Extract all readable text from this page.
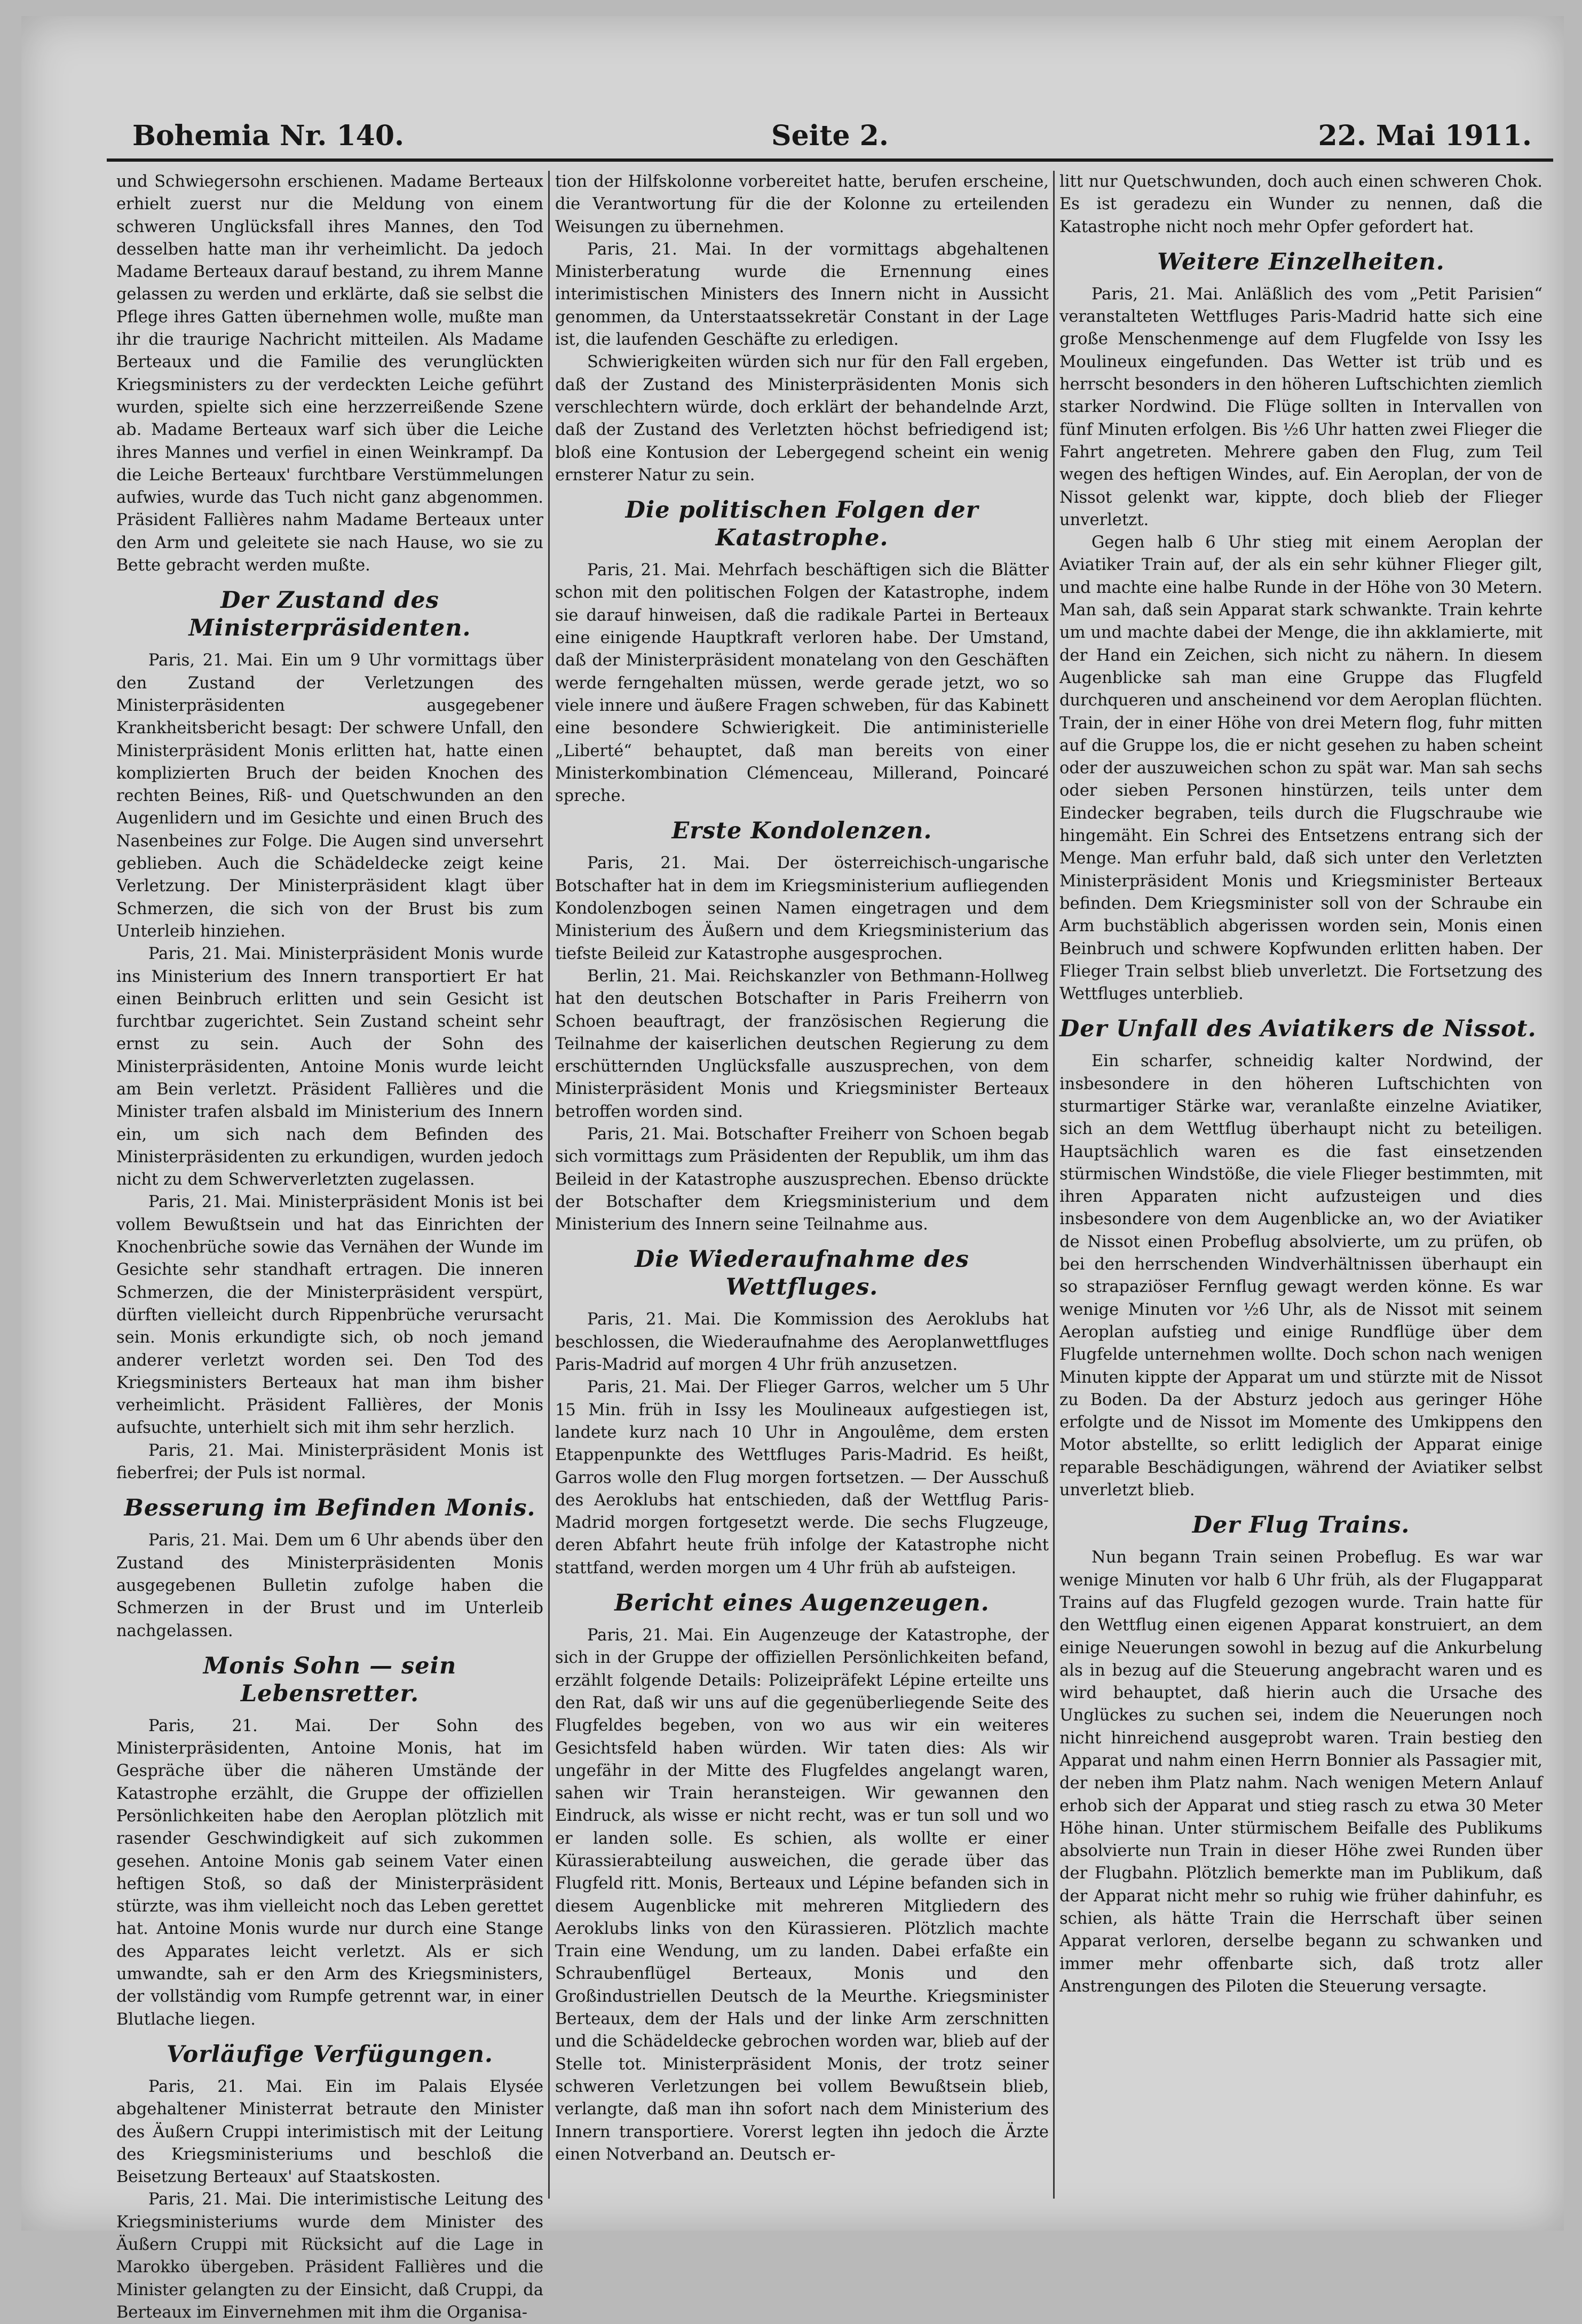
Bohemia Nr. 140.	Seite 2.	22. Mai 1911.

und Schwiegersohn erschienen. Madame Berteaux erhielt zuerst nur die Meldung von einem schweren Unglücksfall ihres Mannes, den Tod desselben hatte man ihr verheimlicht. Da jedoch Madame Berteaux darauf bestand, zu ihrem Manne gelassen zu werden und erklärte, daß sie selbst die Pflege ihres Gatten übernehmen wolle, mußte man ihr die traurige Nachricht mitteilen. Als Madame Berteaux und die Familie des verunglückten Kriegsministers zu der verdeckten Leiche geführt wurden, spielte sich eine herzzerreißende Szene ab. Madame Berteaux warf sich über die Leiche ihres Mannes und verfiel in einen Weinkrampf. Da die Leiche Berteaux' furchtbare Verstümmelungen aufwies, wurde das Tuch nicht ganz abgenommen. Präsident Fallières nahm Madame Berteaux unter den Arm und geleitete sie nach Hause, wo sie zu Bette gebracht werden mußte.

Der Zustand des Ministerpräsidenten.

Paris, 21. Mai. Ein um 9 Uhr vormittags über den Zustand der Verletzungen des Ministerpräsidenten ausgegebener Krankheitsbericht besagt: Der schwere Unfall, den Ministerpräsident Monis erlitten hat, hatte einen komplizierten Bruch der beiden Knochen des rechten Beines, Riß- und Quetschwunden an den Augenlidern und im Gesichte und einen Bruch des Nasenbeines zur Folge. Die Augen sind unversehrt geblieben. Auch die Schädeldecke zeigt keine Verletzung. Der Ministerpräsident klagt über Schmerzen, die sich von der Brust bis zum Unterleib hinziehen.

Paris, 21. Mai. Ministerpräsident Monis wurde ins Ministerium des Innern transportiert Er hat einen Beinbruch erlitten und sein Gesicht ist furchtbar zugerichtet. Sein Zustand scheint sehr ernst zu sein. Auch der Sohn des Ministerpräsidenten, Antoine Monis wurde leicht am Bein verletzt. Präsident Fallières und die Minister trafen alsbald im Ministerium des Innern ein, um sich nach dem Befinden des Ministerpräsidenten zu erkundigen, wurden jedoch nicht zu dem Schwerverletzten zugelassen.

Paris, 21. Mai. Ministerpräsident Monis ist bei vollem Bewußtsein und hat das Einrichten der Knochenbrüche sowie das Vernähen der Wunde im Gesichte sehr standhaft ertragen. Die inneren Schmerzen, die der Ministerpräsident verspürt, dürften vielleicht durch Rippenbrüche verursacht sein. Monis erkundigte sich, ob noch jemand anderer verletzt worden sei. Den Tod des Kriegsministers Berteaux hat man ihm bisher verheimlicht. Präsident Fallières, der Monis aufsuchte, unterhielt sich mit ihm sehr herzlich.

Paris, 21. Mai. Ministerpräsident Monis ist fieberfrei; der Puls ist normal.

Besserung im Befinden Monis.

Paris, 21. Mai. Dem um 6 Uhr abends über den Zustand des Ministerpräsidenten Monis ausgegebenen Bulletin zufolge haben die Schmerzen in der Brust und im Unterleib nachgelassen.

Monis Sohn — sein Lebensretter.

Paris, 21. Mai. Der Sohn des Ministerpräsidenten, Antoine Monis, hat im Gespräche über die näheren Umstände der Katastrophe erzählt, die Gruppe der offiziellen Persönlichkeiten habe den Aeroplan plötzlich mit rasender Geschwindigkeit auf sich zukommen gesehen. Antoine Monis gab seinem Vater einen heftigen Stoß, so daß der Ministerpräsident stürzte, was ihm vielleicht noch das Leben gerettet hat. Antoine Monis wurde nur durch eine Stange des Apparates leicht verletzt. Als er sich umwandte, sah er den Arm des Kriegsministers, der vollständig vom Rumpfe getrennt war, in einer Blutlache liegen.

Vorläufige Verfügungen.

Paris, 21. Mai. Ein im Palais Elysée abgehaltener Ministerrat betraute den Minister des Äußern Cruppi interimistisch mit der Leitung des Kriegsministeriums und beschloß die Beisetzung Berteaux' auf Staatskosten.

Paris, 21. Mai. Die interimistische Leitung des Kriegsministeriums wurde dem Minister des Äußern Cruppi mit Rücksicht auf die Lage in Marokko übergeben. Präsident Fallières und die Minister gelangten zu der Einsicht, daß Cruppi, da Berteaux im Einvernehmen mit ihm die Organisa-

tion der Hilfskolonne vorbereitet hatte, berufen erscheine, die Verantwortung für die der Kolonne zu erteilenden Weisungen zu übernehmen.

Paris, 21. Mai. In der vormittags abgehaltenen Ministerberatung wurde die Ernennung eines interimistischen Ministers des Innern nicht in Aussicht genommen, da Unterstaatssekretär Constant in der Lage ist, die laufenden Geschäfte zu erledigen.

Schwierigkeiten würden sich nur für den Fall ergeben, daß der Zustand des Ministerpräsidenten Monis sich verschlechtern würde, doch erklärt der behandelnde Arzt, daß der Zustand des Verletzten höchst befriedigend ist; bloß eine Kontusion der Lebergegend scheint ein wenig ernsterer Natur zu sein.

Die politischen Folgen der Katastrophe.

Paris, 21. Mai. Mehrfach beschäftigen sich die Blätter schon mit den politischen Folgen der Katastrophe, indem sie darauf hinweisen, daß die radikale Partei in Berteaux eine einigende Hauptkraft verloren habe. Der Umstand, daß der Ministerpräsident monatelang von den Geschäften werde ferngehalten müssen, werde gerade jetzt, wo so viele innere und äußere Fragen schweben, für das Kabinett eine besondere Schwierigkeit. Die antiministerielle „Liberté“ behauptet, daß man bereits von einer Ministerkombination Clémenceau, Millerand, Poincaré spreche.

Erste Kondolenzen.

Paris, 21. Mai. Der österreichisch-ungarische Botschafter hat in dem im Kriegsministerium aufliegenden Kondolenzbogen seinen Namen eingetragen und dem Ministerium des Äußern und dem Kriegsministerium das tiefste Beileid zur Katastrophe ausgesprochen.

Berlin, 21. Mai. Reichskanzler von Bethmann-Hollweg hat den deutschen Botschafter in Paris Freiherrn von Schoen beauftragt, der französischen Regierung die Teilnahme der kaiserlichen deutschen Regierung zu dem erschütternden Unglücksfalle auszusprechen, von dem Ministerpräsident Monis und Kriegsminister Berteaux betroffen worden sind.

Paris, 21. Mai. Botschafter Freiherr von Schoen begab sich vormittags zum Präsidenten der Republik, um ihm das Beileid in der Katastrophe auszusprechen. Ebenso drückte der Botschafter dem Kriegsministerium und dem Ministerium des Innern seine Teilnahme aus.

Die Wiederaufnahme des Wettfluges.

Paris, 21. Mai. Die Kommission des Aeroklubs hat beschlossen, die Wiederaufnahme des Aeroplanwettfluges Paris-Madrid auf morgen 4 Uhr früh anzusetzen.

Paris, 21. Mai. Der Flieger Garros, welcher um 5 Uhr 15 Min. früh in Issy les Moulineaux aufgestiegen ist, landete kurz nach 10 Uhr in Angoulême, dem ersten Etappenpunkte des Wettfluges Paris-Madrid. Es heißt, Garros wolle den Flug morgen fortsetzen. — Der Ausschuß des Aeroklubs hat entschieden, daß der Wettflug Paris-Madrid morgen fortgesetzt werde. Die sechs Flugzeuge, deren Abfahrt heute früh infolge der Katastrophe nicht stattfand, werden morgen um 4 Uhr früh ab aufsteigen.

Bericht eines Augenzeugen.

Paris, 21. Mai. Ein Augenzeuge der Katastrophe, der sich in der Gruppe der offiziellen Persönlichkeiten befand, erzählt folgende Details: Polizeipräfekt Lépine erteilte uns den Rat, daß wir uns auf die gegenüberliegende Seite des Flugfeldes begeben, von wo aus wir ein weiteres Gesichtsfeld haben würden. Wir taten dies: Als wir ungefähr in der Mitte des Flugfeldes angelangt waren, sahen wir Train heransteigen. Wir gewannen den Eindruck, als wisse er nicht recht, was er tun soll und wo er landen solle. Es schien, als wollte er einer Kürassierabteilung ausweichen, die gerade über das Flugfeld ritt. Monis, Berteaux und Lépine befanden sich in diesem Augenblicke mit mehreren Mitgliedern des Aeroklubs links von den Kürassieren. Plötzlich machte Train eine Wendung, um zu landen. Dabei erfaßte ein Schraubenflügel Berteaux, Monis und den Großindustriellen Deutsch de la Meurthe. Kriegsminister Berteaux, dem der Hals und der linke Arm zerschnitten und die Schädeldecke gebrochen worden war, blieb auf der Stelle tot. Ministerpräsident Monis, der trotz seiner schweren Verletzungen bei vollem Bewußtsein blieb, verlangte, daß man ihn sofort nach dem Ministerium des Innern transportiere. Vorerst legten ihn jedoch die Ärzte einen Notverband an. Deutsch er-

litt nur Quetschwunden, doch auch einen schweren Chok. Es ist geradezu ein Wunder zu nennen, daß die Katastrophe nicht noch mehr Opfer gefordert hat.

Weitere Einzelheiten.

Paris, 21. Mai. Anläßlich des vom „Petit Parisien“ veranstalteten Wettfluges Paris-Madrid hatte sich eine große Menschenmenge auf dem Flugfelde von Issy les Moulineux eingefunden. Das Wetter ist trüb und es herrscht besonders in den höheren Luftschichten ziemlich starker Nordwind. Die Flüge sollten in Intervallen von fünf Minuten erfolgen. Bis ½6 Uhr hatten zwei Flieger die Fahrt angetreten. Mehrere gaben den Flug, zum Teil wegen des heftigen Windes, auf. Ein Aeroplan, der von de Nissot gelenkt war, kippte, doch blieb der Flieger unverletzt.

Gegen halb 6 Uhr stieg mit einem Aeroplan der Aviatiker Train auf, der als ein sehr kühner Flieger gilt, und machte eine halbe Runde in der Höhe von 30 Metern. Man sah, daß sein Apparat stark schwankte. Train kehrte um und machte dabei der Menge, die ihn akklamierte, mit der Hand ein Zeichen, sich nicht zu nähern. In diesem Augenblicke sah man eine Gruppe das Flugfeld durchqueren und anscheinend vor dem Aeroplan flüchten. Train, der in einer Höhe von drei Metern flog, fuhr mitten auf die Gruppe los, die er nicht gesehen zu haben scheint oder der auszuweichen schon zu spät war. Man sah sechs oder sieben Personen hinstürzen, teils unter dem Eindecker begraben, teils durch die Flugschraube wie hingemäht. Ein Schrei des Entsetzens entrang sich der Menge. Man erfuhr bald, daß sich unter den Verletzten Ministerpräsident Monis und Kriegsminister Berteaux befinden. Dem Kriegsminister soll von der Schraube ein Arm buchstäblich abgerissen worden sein, Monis einen Beinbruch und schwere Kopfwunden erlitten haben. Der Flieger Train selbst blieb unverletzt. Die Fortsetzung des Wettfluges unterblieb.

Der Unfall des Aviatikers de Nissot.

Ein scharfer, schneidig kalter Nordwind, der insbesondere in den höheren Luftschichten von sturmartiger Stärke war, veranlaßte einzelne Aviatiker, sich an dem Wettflug überhaupt nicht zu beteiligen. Hauptsächlich waren es die fast einsetzenden stürmischen Windstöße, die viele Flieger bestimmten, mit ihren Apparaten nicht aufzusteigen und dies insbesondere von dem Augenblicke an, wo der Aviatiker de Nissot einen Probeflug absolvierte, um zu prüfen, ob bei den herrschenden Windverhältnissen überhaupt ein so strapaziöser Fernflug gewagt werden könne. Es war wenige Minuten vor ½6 Uhr, als de Nissot mit seinem Aeroplan aufstieg und einige Rundflüge über dem Flugfelde unternehmen wollte. Doch schon nach wenigen Minuten kippte der Apparat um und stürzte mit de Nissot zu Boden. Da der Absturz jedoch aus geringer Höhe erfolgte und de Nissot im Momente des Umkippens den Motor abstellte, so erlitt lediglich der Apparat einige reparable Beschädigungen, während der Aviatiker selbst unverletzt blieb.

Der Flug Trains.

Nun begann Train seinen Probeflug. Es war war wenige Minuten vor halb 6 Uhr früh, als der Flugapparat Trains auf das Flugfeld gezogen wurde. Train hatte für den Wettflug einen eigenen Apparat konstruiert, an dem einige Neuerungen sowohl in bezug auf die Ankurbelung als in bezug auf die Steuerung angebracht waren und es wird behauptet, daß hierin auch die Ursache des Unglückes zu suchen sei, indem die Neuerungen noch nicht hinreichend ausgeprobt waren. Train bestieg den Apparat und nahm einen Herrn Bonnier als Passagier mit, der neben ihm Platz nahm. Nach wenigen Metern Anlauf erhob sich der Apparat und stieg rasch zu etwa 30 Meter Höhe hinan. Unter stürmischem Beifalle des Publikums absolvierte nun Train in dieser Höhe zwei Runden über der Flugbahn. Plötzlich bemerkte man im Publikum, daß der Apparat nicht mehr so ruhig wie früher dahinfuhr, es schien, als hätte Train die Herrschaft über seinen Apparat verloren, derselbe begann zu schwanken und immer mehr offenbarte sich, daß trotz aller Anstrengungen des Piloten die Steuerung versagte.
